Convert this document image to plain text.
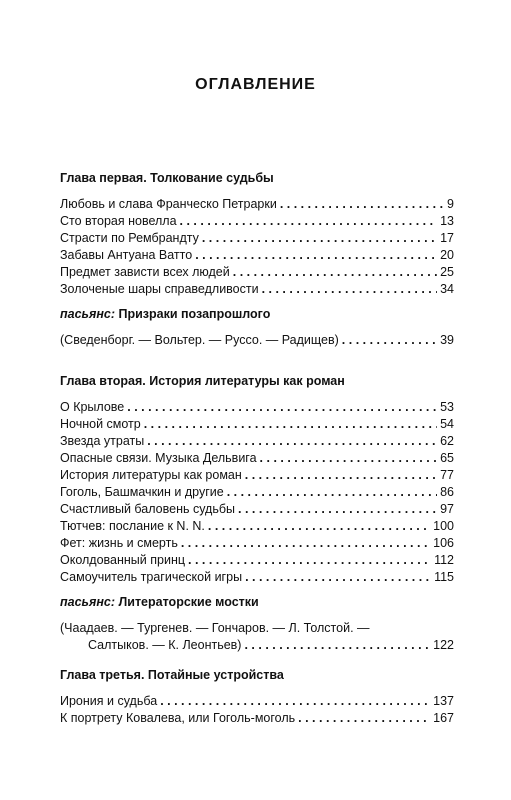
ОГЛАВЛЕНИЕ
Глава первая. Толкование судьбы
Любовь и слава Франческо Петрарки . . .	9
Сто вторая новелла . . .	13
Страсти по Рембрандту . . .	17
Забавы Антуана Ватто . . .	20
Предмет зависти всех людей . . .	25
Золоченые шары справедливости . . .	34
пасьянс: Призраки позапрошлого
(Сведенборг. — Вольтер. — Руссо. — Радищев) . . .	39
Глава вторая. История литературы как роман
О Крылове . . .	53
Ночной смотр . . .	54
Звезда утраты . . .	62
Опасные связи. Музыка Дельвига . . .	65
История литературы как роман . . .	77
Гоголь, Башмачкин и другие . . .	86
Счастливый баловень судьбы . . .	97
Тютчев: послание к N. N. . . .	100
Фет: жизнь и смерть . . .	106
Околдованный принц . . .	112
Самоучитель трагической игры . . .	115
пасьянс: Литераторские мостки
(Чаадаев. — Тургенев. — Гончаров. — Л. Толстой. —
Салтыков. — К. Леонтьев) . . .	122
Глава третья. Потайные устройства
Ирония и судьба . . .	137
К портрету Ковалева, или Гоголь-моголь . . .	167
